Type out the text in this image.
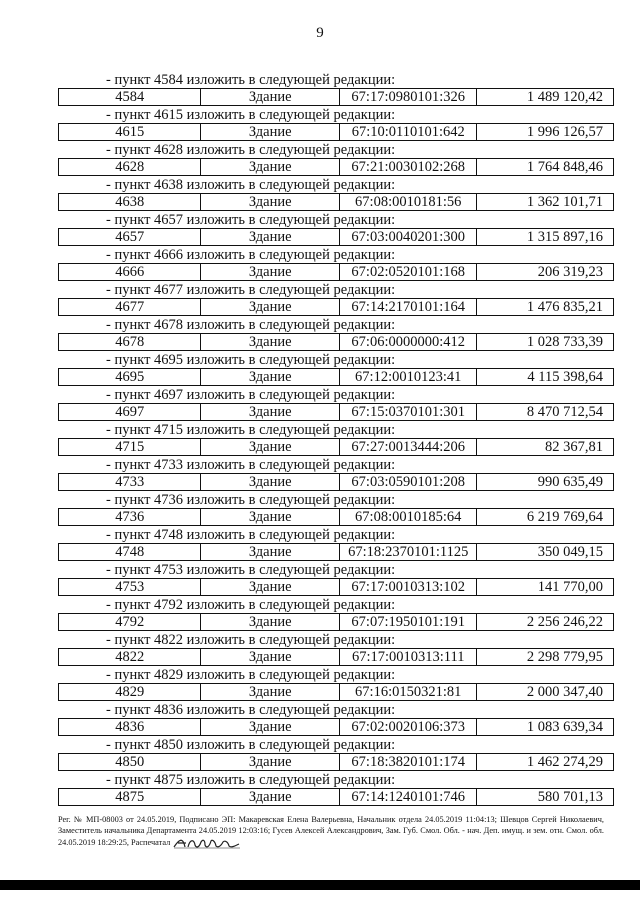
9
- пункт 4584 изложить в следующей редакции:
4584	Здание	67:17:0980101:326	1 489 120,42
- пункт 4615 изложить в следующей редакции:
4615	Здание	67:10:0110101:642	1 996 126,57
- пункт 4628 изложить в следующей редакции:
4628	Здание	67:21:0030102:268	1 764 848,46
- пункт 4638 изложить в следующей редакции:
4638	Здание	67:08:0010181:56	1 362 101,71
- пункт 4657 изложить в следующей редакции:
4657	Здание	67:03:0040201:300	1 315 897,16
- пункт 4666 изложить в следующей редакции:
4666	Здание	67:02:0520101:168	206 319,23
- пункт 4677 изложить в следующей редакции:
4677	Здание	67:14:2170101:164	1 476 835,21
- пункт 4678 изложить в следующей редакции:
4678	Здание	67:06:0000000:412	1 028 733,39
- пункт 4695 изложить в следующей редакции:
4695	Здание	67:12:0010123:41	4 115 398,64
- пункт 4697 изложить в следующей редакции:
4697	Здание	67:15:0370101:301	8 470 712,54
- пункт 4715 изложить в следующей редакции:
4715	Здание	67:27:0013444:206	82 367,81
- пункт 4733 изложить в следующей редакции:
4733	Здание	67:03:0590101:208	990 635,49
- пункт 4736 изложить в следующей редакции:
4736	Здание	67:08:0010185:64	6 219 769,64
- пункт 4748 изложить в следующей редакции:
4748	Здание	67:18:2370101:1125	350 049,15
- пункт 4753 изложить в следующей редакции:
4753	Здание	67:17:0010313:102	141 770,00
- пункт 4792 изложить в следующей редакции:
4792	Здание	67:07:1950101:191	2 256 246,22
- пункт 4822 изложить в следующей редакции:
4822	Здание	67:17:0010313:111	2 298 779,95
- пункт 4829 изложить в следующей редакции:
4829	Здание	67:16:0150321:81	2 000 347,40
- пункт 4836 изложить в следующей редакции:
4836	Здание	67:02:0020106:373	1 083 639,34
- пункт 4850 изложить в следующей редакции:
4850	Здание	67:18:3820101:174	1 462 274,29
- пункт 4875 изложить в следующей редакции:
4875	Здание	67:14:1240101:746	580 701,13
Рег. № МП-08003 от 24.05.2019, Подписано ЭП: Макаревская Елена Валерьевна, Начальник отдела 24.05.2019 11:04:13; Шевцов Сергей Николаевич, Заместитель начальника Департамента 24.05.2019 12:03:16; Гусев Алексей Александрович, Зам. Губ. Смол. Обл. - нач. Деп. имущ. и зем. отн. Смол. обл. 24.05.2019 18:29:25, Распечатал
